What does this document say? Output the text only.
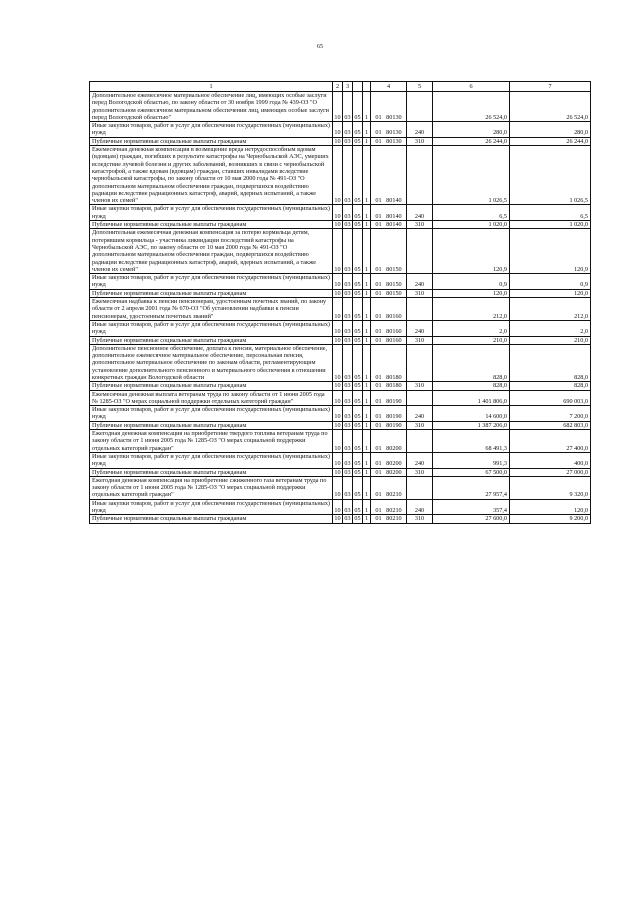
65
1	2	3			4	5	6	7
Дополнительное ежемесячное материальное обеспечение лиц, имеющих особые заслуги перед Вологодской областью, по закону области от 30 ноября 1999 года № 439-ОЗ "О дополнительном ежемесячном материальном обеспечении лиц, имеющих особые заслуги перед Вологодской областью"	10	03	05	1	01 80130		26 524,0	26 524,0
Иные закупки товаров, работ и услуг для обеспечения государственных (муниципальных) нужд	10	03	05	1	01 80130	240	280,0	280,0
Публичные нормативные социальные выплаты гражданам	10	03	05	1	01 80130	310	26 244,0	26 244,0
Ежемесячная денежная компенсация в возмещение вреда нетрудоспособным вдовам (вдовцам) граждан, погибших в результате катастрофы на Чернобыльской АЭС, умерших вследствие лучевой болезни и других заболеваний, возникших в связи с чернобыльской катастрофой, а также вдовам (вдовцам) граждан, ставших инвалидами вследствие чернобыльской катастрофы, по закону области от 10 мая 2000 года № 491-ОЗ "О дополнительном материальном обеспечении граждан, подвергшихся воздействию радиации вследствие радиационных катастроф, аварий, ядерных испытаний, а также членов их семей"	10	03	05	1	01 80140		1 026,5	1 026,5
Иные закупки товаров, работ и услуг для обеспечения государственных (муниципальных) нужд	10	03	05	1	01 80140	240	6,5	6,5
Публичные нормативные социальные выплаты гражданам	10	03	05	1	01 80140	310	1 020,0	1 020,0
Дополнительная ежемесячная денежная компенсация за потерю кормильца детям, потерявшим кормильца - участника ликвидации последствий катастрофы на Чернобыльской АЭС, по закону области от 10 мая 2000 года № 491-ОЗ "О дополнительном материальном обеспечении граждан, подвергшихся воздействию радиации вследствие радиационных катастроф, аварий, ядерных испытаний, а также членов их семей"	10	03	05	1	01 80150		120,9	120,9
Иные закупки товаров, работ и услуг для обеспечения государственных (муниципальных) нужд	10	03	05	1	01 80150	240	0,9	0,9
Публичные нормативные социальные выплаты гражданам	10	03	05	1	01 80150	310	120,0	120,0
Ежемесячная надбавка к пенсии пенсионерам, удостоенным почетных званий, по закону области от 2 апреля 2001 года № 670-ОЗ "Об установлении надбавки к пенсии пенсионерам, удостоенным почетных званий"	10	03	05	1	01 80160		212,0	212,0
Иные закупки товаров, работ и услуг для обеспечения государственных (муниципальных) нужд	10	03	05	1	01 80160	240	2,0	2,0
Публичные нормативные социальные выплаты гражданам	10	03	05	1	01 80160	310	210,0	210,0
Дополнительное пенсионное обеспечение, доплата к пенсии, материальное обеспечение, дополнительное ежемесячное материальное обеспечение, персональная пенсия, дополнительное материальное обеспечение по законам области, регламентирующим установление дополнительного пенсионного и материального обеспечения в отношении конкретных граждан Вологодской области	10	03	05	1	01 80180		828,0	828,0
Публичные нормативные социальные выплаты гражданам	10	03	05	1	01 80180	310	828,0	828,0
Ежемесячная денежная выплата ветеранам труда по закону области от 1 июня 2005 года № 1285-ОЗ "О мерах социальной поддержки отдельных категорий граждан"	10	03	05	1	01 80190		1 401 806,0	690 003,0
Иные закупки товаров, работ и услуг для обеспечения государственных (муниципальных) нужд	10	03	05	1	01 80190	240	14 600,0	7 200,0
Публичные нормативные социальные выплаты гражданам	10	03	05	1	01 80190	310	1 387 206,0	682 803,0
Ежегодная денежная компенсация на приобретение твердого топлива ветеранам труда по закону области от 1 июня 2005 года № 1285-ОЗ "О мерах социальной поддержки отдельных категорий граждан"	10	03	05	1	01 80200		68 491,3	27 400,0
Иные закупки товаров, работ и услуг для обеспечения государственных (муниципальных) нужд	10	03	05	1	01 80200	240	991,3	400,0
Публичные нормативные социальные выплаты гражданам	10	03	05	1	01 80200	310	67 500,0	27 000,0
Ежегодная денежная компенсация на приобретение сжиженного газа ветеранам труда по закону области от 1 июня 2005 года № 1285-ОЗ "О мерах социальной поддержки отдельных категорий граждан"	10	03	05	1	01 80210		27 957,4	9 320,0
Иные закупки товаров, работ и услуг для обеспечения государственных (муниципальных) нужд	10	03	05	1	01 80210	240	357,4	120,0
Публичные нормативные социальные выплаты гражданам	10	03	05	1	01 80210	310	27 600,0	9 200,0
